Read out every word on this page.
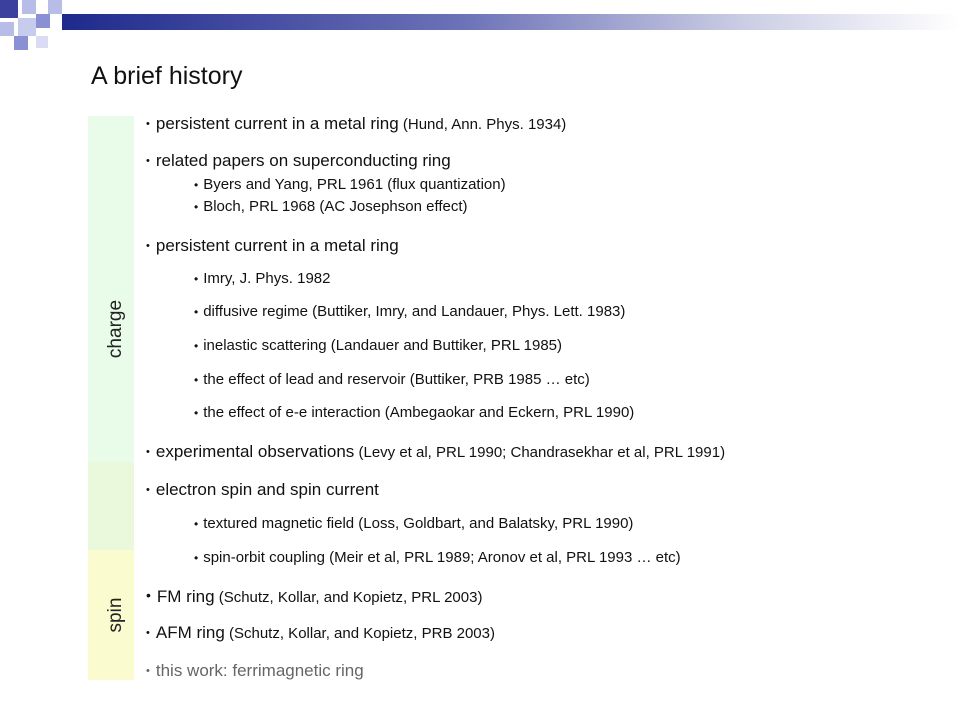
A brief history
charge
spin
• persistent current in a metal ring (Hund, Ann. Phys. 1934)
• related papers on superconducting ring
• Byers and Yang, PRL 1961 (flux quantization)
• Bloch, PRL 1968 (AC Josephson effect)
• persistent current in a metal ring
• Imry, J. Phys. 1982
• diffusive regime (Buttiker, Imry, and Landauer, Phys. Lett. 1983)
• inelastic scattering (Landauer and Buttiker, PRL 1985)
• the effect of lead and reservoir (Buttiker, PRB 1985 … etc)
• the effect of e-e interaction (Ambegaokar and Eckern, PRL 1990)
• experimental observations (Levy et al, PRL 1990; Chandrasekhar et al, PRL 1991)
• electron spin and spin current
• textured magnetic field (Loss, Goldbart, and Balatsky, PRL 1990)
• spin-orbit coupling (Meir et al, PRL 1989; Aronov et al, PRL 1993 … etc)
• FM ring (Schutz, Kollar, and Kopietz, PRL 2003)
• AFM ring (Schutz, Kollar, and Kopietz, PRB 2003)
• this work: ferrimagnetic ring
